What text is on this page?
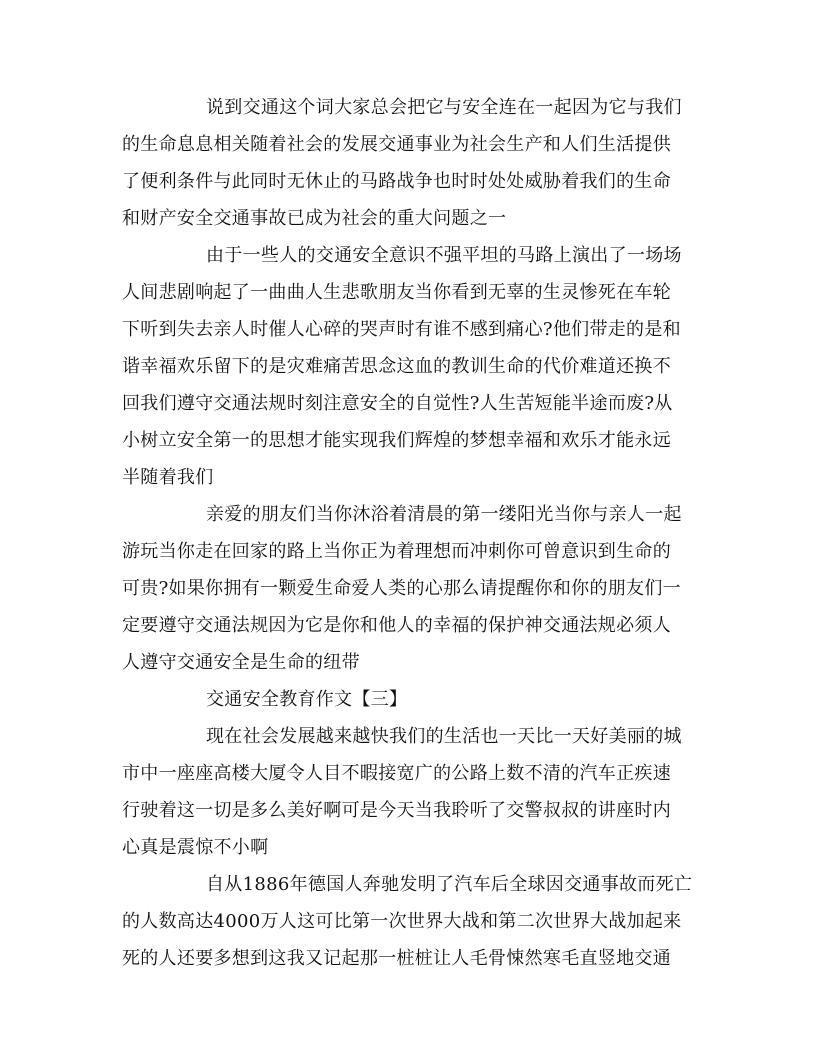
说到交通这个词大家总会把它与安全连在一起因为它与我们
的生命息息相关随着社会的发展交通事业为社会生产和人们生活提供
了便利条件与此同时无休止的马路战争也时时处处威胁着我们的生命
和财产安全交通事故已成为社会的重大问题之一
由于一些人的交通安全意识不强平坦的马路上演出了一场场
人间悲剧响起了一曲曲人生悲歌朋友当你看到无辜的生灵惨死在车轮
下听到失去亲人时催人心碎的哭声时有谁不感到痛心?他们带走的是和
谐幸福欢乐留下的是灾难痛苦思念这血的教训生命的代价难道还换不
回我们遵守交通法规时刻注意安全的自觉性?人生苦短能半途而废?从
小树立安全第一的思想才能实现我们辉煌的梦想幸福和欢乐才能永远
半随着我们
亲爱的朋友们当你沐浴着清晨的第一缕阳光当你与亲人一起
游玩当你走在回家的路上当你正为着理想而冲刺你可曾意识到生命的
可贵?如果你拥有一颗爱生命爱人类的心那么请提醒你和你的朋友们一
定要遵守交通法规因为它是你和他人的幸福的保护神交通法规必须人
人遵守交通安全是生命的纽带
交通安全教育作文【三】
现在社会发展越来越快我们的生活也一天比一天好美丽的城
市中一座座高楼大厦令人目不暇接宽广的公路上数不清的汽车正疾速
行驶着这一切是多么美好啊可是今天当我聆听了交警叔叔的讲座时内
心真是震惊不小啊
自从1886年德国人奔驰发明了汽车后全球因交通事故而死亡
的人数高达4000万人这可比第一次世界大战和第二次世界大战加起来
死的人还要多想到这我又记起那一桩桩让人毛骨悚然寒毛直竖地交通
